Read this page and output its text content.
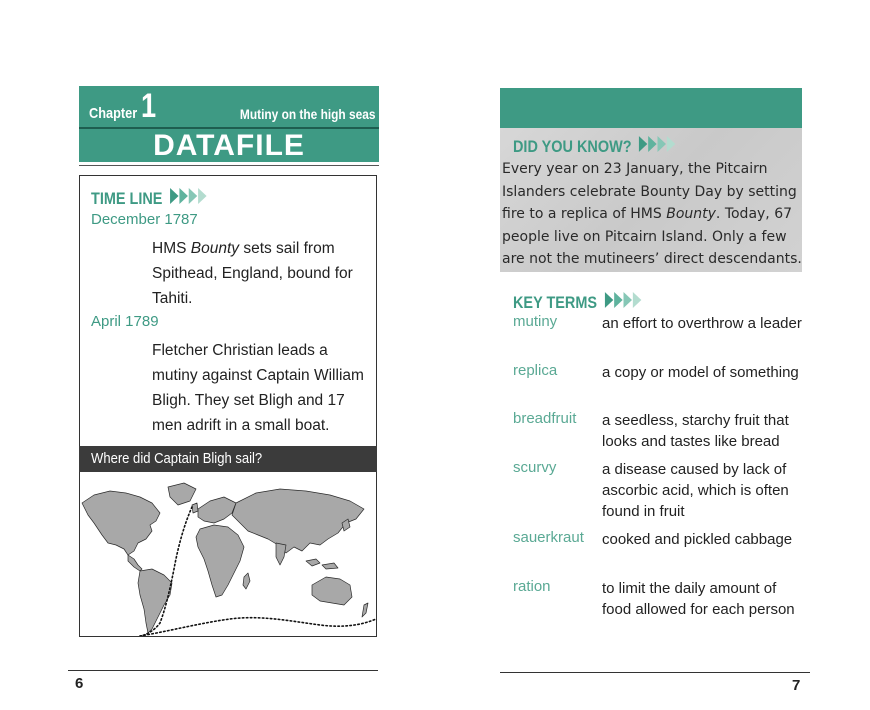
Chapter 1	Mutiny on the high seas
DATAFILE
TIME LINE
December 1787
HMS Bounty sets sail from Spithead, England, bound for Tahiti.
April 1789
Fletcher Christian leads a mutiny against Captain William Bligh. They set Bligh and 17 men adrift in a small boat.
Where did Captain Bligh sail?
6
DID YOU KNOW?
Every year on 23 January, the Pitcairn Islanders celebrate Bounty Day by setting fire to a replica of HMS Bounty. Today, 67 people live on Pitcairn Island. Only a few are not the mutineers’ direct descendants.
KEY TERMS
mutiny	an effort to overthrow a leader
replica	a copy or model of something
breadfruit a seedless, starchy fruit that looks and tastes like bread
scurvy	a disease caused by lack of ascorbic acid, which is often found in fruit
sauerkraut cooked and pickled cabbage
ration	to limit the daily amount of food allowed for each person
7
